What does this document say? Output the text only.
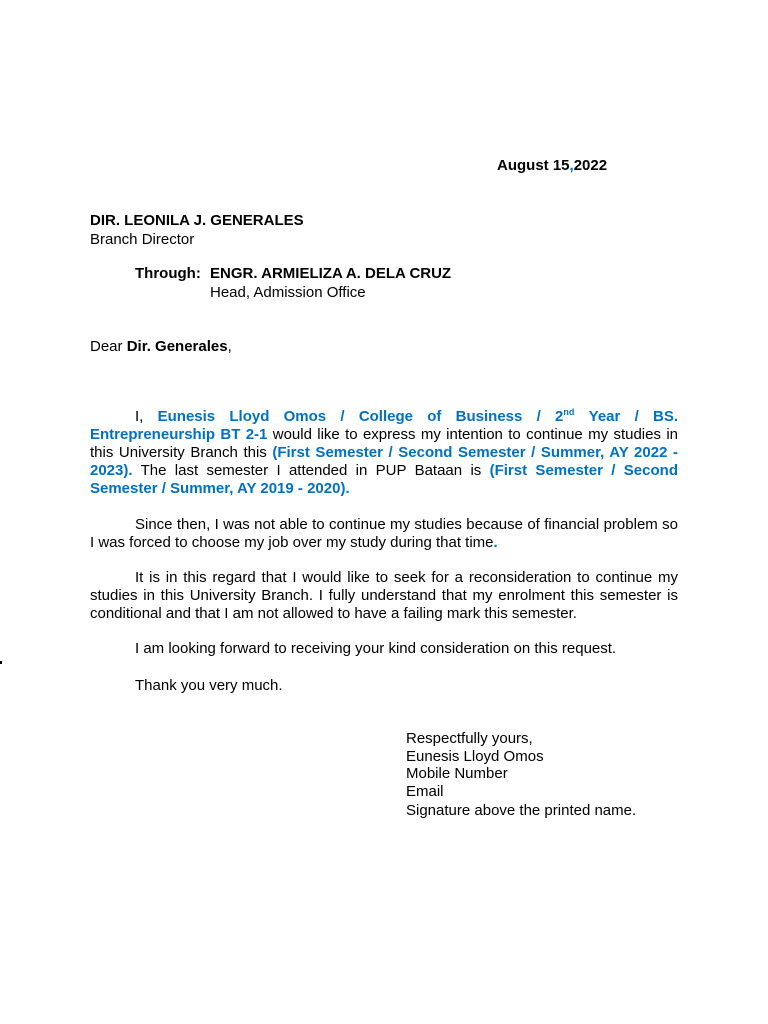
August 15,2022
DIR. LEONILA J. GENERALES
Branch Director
Through: ENGR. ARMIELIZA A. DELA CRUZ
Head, Admission Office
Dear Dir. Generales,
I, Eunesis Lloyd Omos / College of Business / 2nd Year / BS. Entrepreneurship BT 2-1 would like to express my intention to continue my studies in this University Branch this (First Semester / Second Semester / Summer, AY 2022 - 2023). The last semester I attended in PUP Bataan is (First Semester / Second Semester / Summer, AY 2019 - 2020).
Since then, I was not able to continue my studies because of financial problem so I was forced to choose my job over my study during that time.
It is in this regard that I would like to seek for a reconsideration to continue my studies in this University Branch. I fully understand that my enrolment this semester is conditional and that I am not allowed to have a failing mark this semester.
I am looking forward to receiving your kind consideration on this request.
Thank you very much.
Respectfully yours,
Eunesis Lloyd Omos
Mobile Number
Email
Signature above the printed name.
